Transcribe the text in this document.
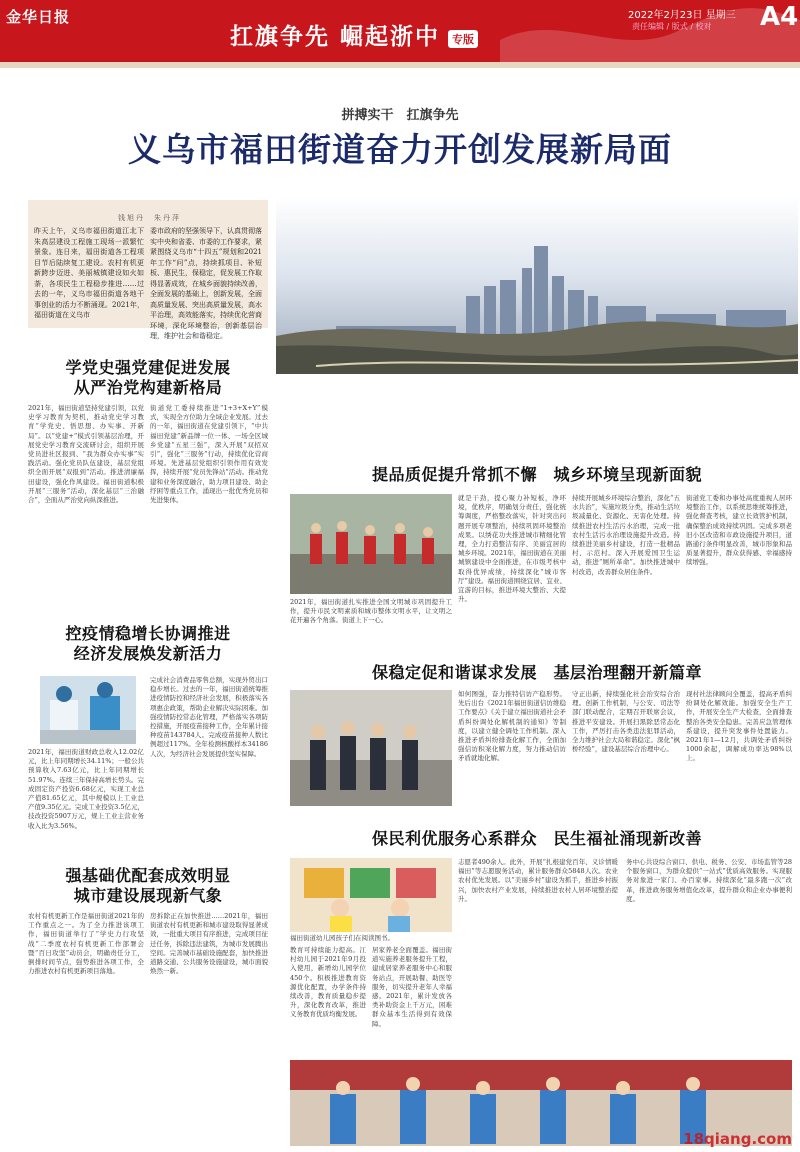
金华日报
扛旗争先 崛起浙中	专版
2022年2月23日 星期三
责任编辑 / 版式 / 校对 A4
拼搏实干　扛旗争先
义乌市福田街道奋力开创发展新局面
钱旭丹　朱丹萍
昨天上午，义乌市福田街道江北下朱高层建设工程施工现场一派繁忙景象。连日来，福田街道各工程项目节后陆续复工建设。农村有机更新跨步迈进、美丽城镇建设如火如荼，各项民生工程稳步推进……过去的一年，义乌市福田街道各地干事创业的活力不断涌现。2021年，福田街道在义乌市
委市政府的坚强领导下，认真贯彻落实中央和省委、市委的工作要求，紧紧围绕义乌市“十四五”规划和2021年工作“问”点，持续抓项目、补短板、惠民生，保稳定，促发展工作取得显著成效，在城乡面貌持续改善，全面发展的基础上，创新发展，全面高质量发展、突出高质量发展，高水平治理，高效能落实，持续优化营商环境，深化环境整治，创新基层治理，维护社会和谐稳定。
学党史强党建促进发展
从严治党构建新格局
2021年，福田街道坚持党建引领，以党史学习教育为契机，推动党史学习教育“学党史、悟思想、办实事、开新局”。以“党建+”模式引领基层治理，开展党史学习教育交流研讨会，组织开展党员进社区报到、“我为群众办实事”实践活动。强化党员队伍建设，基层党组织全面开展“双报到”活动。推进清廉福田建设，强化作风建设。福田街道积极开展“三服务”活动，深化基层“三治融合”，全面从严治党向纵深推进。
街道党工委持续推进“1+3+X+Y”模式，实现全方位助力全域企业发展。过去的一年，福田街道在党建引领下，“中共福田党建”新品牌一位一体、一场全区城乡党建“五星三强”，深入开展“双招双引”，强化“三服务”行动，持续优化营商环境。先进基层党组织引领作用有效发挥，持续开展“党员先锋站”活动。推动党建和业务深度融合，助力项目建设、助企纾困等重点工作，涌现出一批优秀党员和先进集体。
提品质促提升常抓不懈　城乡环境呈现新面貌
2021年，福田街道扎实推进全国文明城市巩固提升工作，提升市民文明素质和城市整体文明水平，让文明之花开遍各个角落。街道上下一心。
就是干劲，提心聚力补短板，净环境，优秩序，明确划分责任，强化统筹调度，严格整改落实，针对突出问题开展专项整治，持续巩固环境整治成果。以绣花功夫推进城市精细化管理，全力打造整洁有序、美丽宜居的城乡环境。2021年，福田街道在美丽城镇建设中全面推进，在市级考核中取得优异成绩，持续深化“城市客厅”建设。福田街道围绕宜居、宜业、宜游的目标，推进环境大整治、大提升。
持续开展城乡环境综合整治，深化“五水共治”，实施垃圾分类，推动生活垃圾减量化、资源化、无害化处理。持续推进农村生活污水治理，完成一批农村生活污水治理设施提升改造。持续推进美丽乡村建设，打造一批精品村、示范村。深入开展爱国卫生运动，推进“厕所革命”。加快推进城中村改造，改善群众居住条件。
街道党工委和办事处高度重视人居环境整治工作，以系统思维统筹推进，强化督查考核，建立长效管护机制，确保整治成效持续巩固。完成多项老旧小区改造和市政设施提升项目，道路通行条件明显改善，城市形象和品质显著提升，群众获得感、幸福感持续增强。
控疫情稳增长协调推进
经济发展焕发新活力
2021年，福田街道财政总收入12.02亿元，比上年同期增长34.11%；一般公共预算收入7.63亿元，比上年同期增长51.97%。连续三年保持高增长势头。完成固定资产投资6.68亿元，实现工业总产值81.65亿元，其中规模以上工业总产值9.35亿元。完成工业投资3.5亿元，技改投资5907万元，规上工业主营业务收入比为3.56%。
完成社会消费品零售总额，实现外贸出口稳步增长。过去的一年，福田街道统筹推进疫情防控和经济社会发展，积极落实各项惠企政策，帮助企业解决实际困难。加强疫情防控常态化管理，严格落实各项防控措施，开展疫苗接种工作，全年累计接种疫苗143784人。完成疫苗接种人数比例超过117%。全年检测核酸样本34186人次，为经济社会发展提供坚实保障。
保稳定促和谐谋求发展　基层治理翻开新篇章
如何图强，奋力推特信访产稳形势。先后出台《2021年福田街道信访维稳工作要点》《关于建立福田街道社会矛盾纠纷调处化解机制的通知》等制度，以建立健全调处工作机制。深入推进矛盾纠纷排查化解工作，全面加强信访积案化解力度，努力推动信访矛盾就地化解。
守正出新，持续强化社会治安综合治理。创新工作机制，与公安、司法等部门联动配合，定期召开联席会议，推进平安建设。开展扫黑除恶常态化工作，严厉打击各类违法犯罪活动，全力维护社会大局和谐稳定。深化“枫桥经验”，建设基层综合治理中心。
现村社法律顾问全覆盖，提高矛盾纠纷调处化解效能。加强安全生产工作，开展安全生产大检查，全面排查整治各类安全隐患。完善应急管理体系建设，提升突发事件处置能力。2021年1—12月，共调处矛盾纠纷1000余起，调解成功率达98%以上。
保民利优服务心系群众　民生福祉涌现新改善
福田街道幼儿园孩子们在阅读图书。
教育可持续能力提高。江村幼儿园于2021年9月投入使用，新增幼儿园学位450个。积极推进教育资源优化配置，办学条件持续改善，教育质量稳步提升，深化教育改革，推进义务教育优质均衡发展。
居家养老全面覆盖。福田街道实施养老服务提升工程，建成居家养老服务中心和服务站点，开展助餐、助医等服务，切实提升老年人幸福感。2021年，累计发放各类补助资金上千万元，困难群众基本生活得到有效保障。
志愿者490余人。此外，开展“扎根建党百年、义诊情暖福田”等志愿服务活动，累计服务群众5848人次。农业农村优先发展。以“美丽乡村”建设为抓手，推进乡村振兴，加快农村产业发展，持续推进农村人居环境整治提升。
务中心共设综合窗口、供电、税务、公安、市场监管等28个服务窗口，为群众提供“一站式”优质高效服务。实现服务对象进一家门、办百家事。持续深化“最多跑一次”改革，推进政务服务增值化改革，提升群众和企业办事便利度。
强基础优配套成效明显
城市建设展现新气象
农村有机更新工作是福田街道2021年的工作重点之一。为了全力推进该项工作，福田街道举行了“学史力行攻坚战”二季度农村有机更新工作部署会暨“百日攻坚”动员会，明确责任分工，倒排时间节点，强势推进各项工作，全力推进农村有机更新项目落地。
房拆除正在加快推进……2021年，福田街道农村有机更新和城市建设取得显著成效，一批重大项目有序推进，完成项目征迁任务，拆除违法建筑，为城市发展腾出空间。完善城市基础设施配套，加快推进道路交通、公共服务设施建设，城市面貌焕然一新。
18qiang.com
